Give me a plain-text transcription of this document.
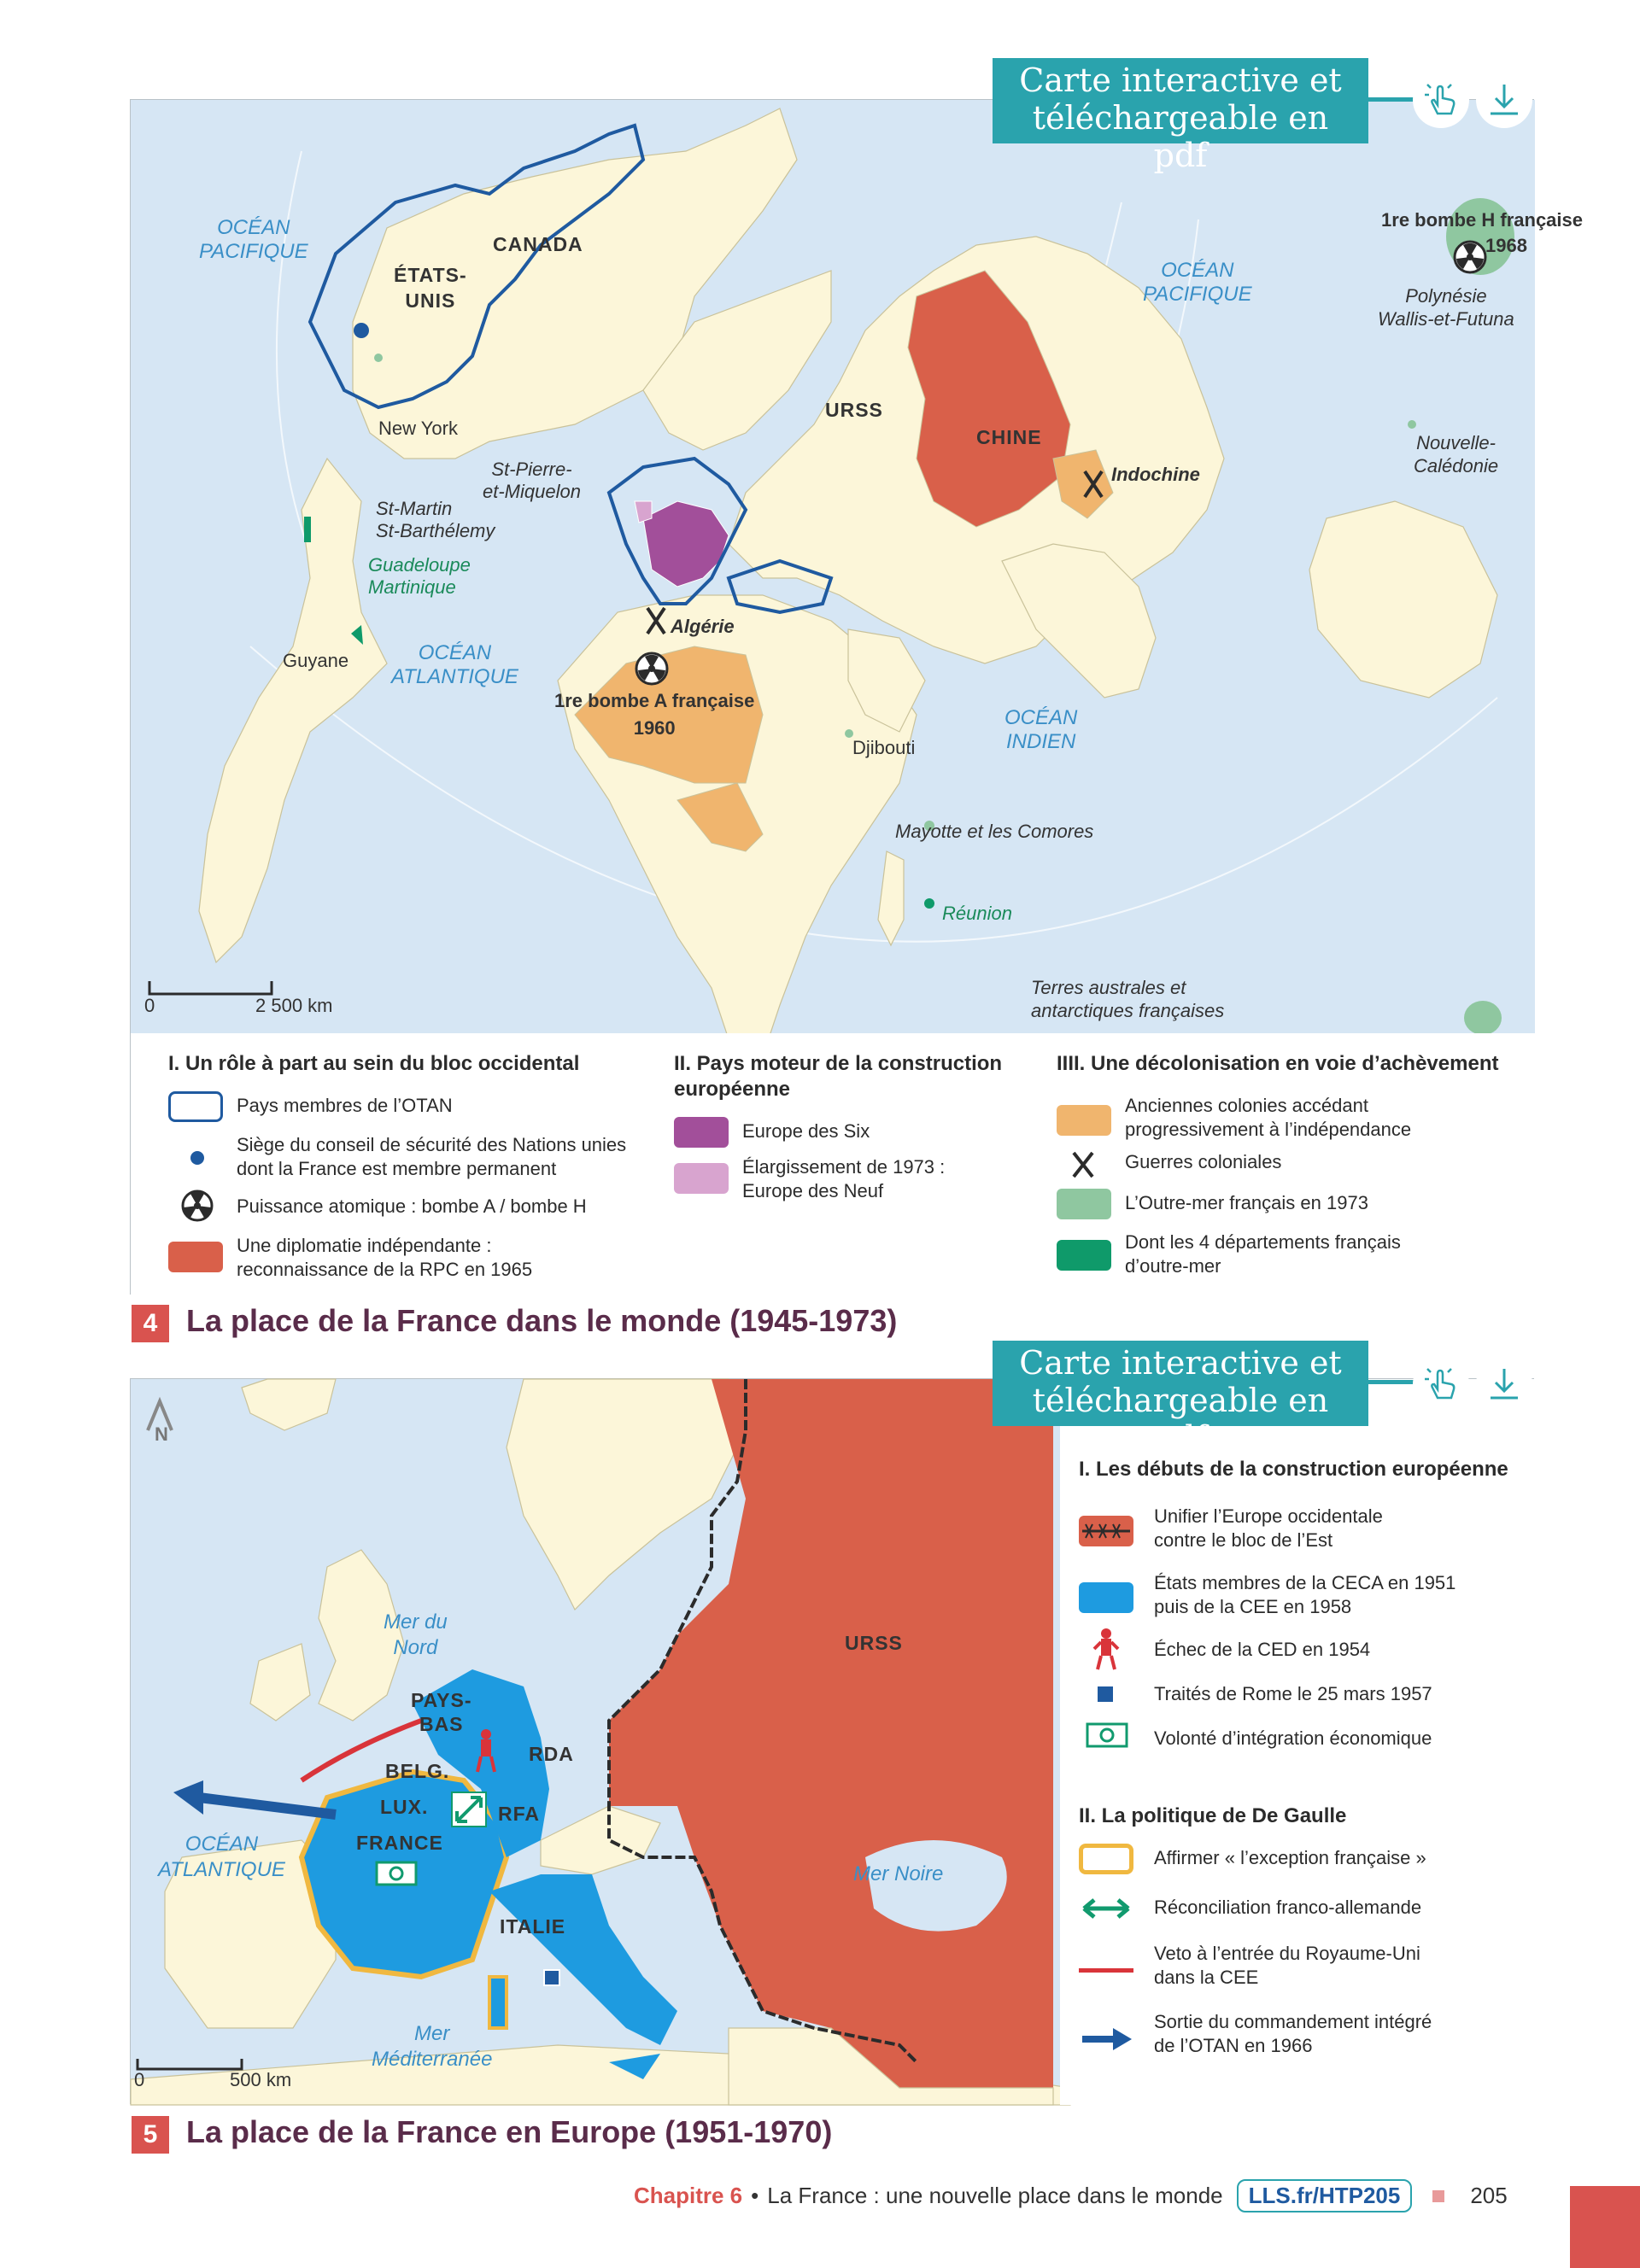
OCÉAN
PACIFIQUE
OCÉAN
PACIFIQUE
OCÉAN
ATLANTIQUE
OCÉAN
INDIEN
CANADA
ÉTATS-
UNIS
URSS
CHINE
New York
St-Pierre-
et-Miquelon
St-Martin
St-Barthélemy
Guadeloupe
Martinique
Guyane
Algérie
1re bombe A française
1960
Djibouti
Indochine
1re bombe H française
1968
Polynésie
Wallis-et-Futuna
Nouvelle-
Calédonie
Mayotte et les Comores
Réunion
Terres australes et
antarctiques françaises
0	2 500 km
I. Un rôle à part au sein du bloc occidental
Pays membres de l’OTAN
Siège du conseil de sécurité des Nations unies
dont la France est membre permanent
Puissance atomique : bombe A / bombe H
Une diplomatie indépendante :
reconnaissance de la RPC en 1965
II. Pays moteur de la construction
européenne
Europe des Six
Élargissement de 1973 :
Europe des Neuf
IIII. Une décolonisation en voie d’achèvement
Anciennes colonies accédant
progressivement à l’indépendance
Guerres coloniales
L’Outre-mer français en 1973
Dont les 4 départements français
d’outre-mer
Carte interactive et
téléchargeable en pdf
4 La place de la France dans le monde (1945-1973)
N
Mer du
Nord	URSS
PAYS-
BAS
BELG.
LUX.
RDA
RFA
FRANCE
ITALIE
OCÉAN
ATLANTIQUE	Mer Noire
Mer
Méditerranée
0	500 km
I. Les débuts de la construction européenne
Unifier l’Europe occidentale
contre le bloc de l’Est
États membres de la CECA en 1951
puis de la CEE en 1958
Échec de la CED en 1954
Traités de Rome le 25 mars 1957
Volonté d’intégration économique
II. La politique de De Gaulle
Affirmer « l’exception française »
Réconciliation franco-allemande
Veto à l’entrée du Royaume-Uni
dans la CEE
Sortie du commandement intégré
de l’OTAN en 1966
Carte interactive et
téléchargeable en pdf
5 La place de la France en Europe (1951-1970)
Chapitre 6 • La France : une nouvelle place dans le monde	LLS.fr/HTP205	205
